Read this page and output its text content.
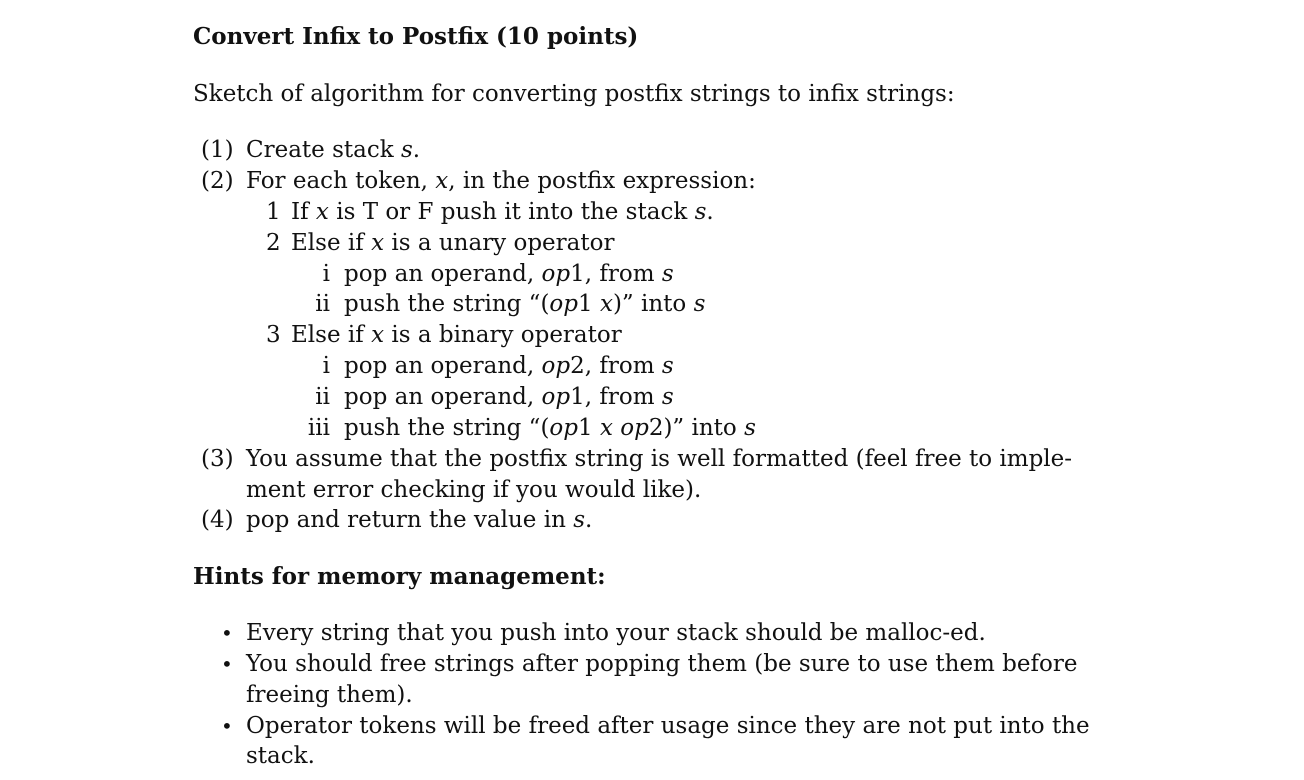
Convert Infix to Postfix (10 points)
Sketch of algorithm for converting postfix strings to infix strings:
(1) Create stack s.
(2) For each token, x, in the postfix expression:
1 If x is T or F push it into the stack s.
2 Else if x is a unary operator
i pop an operand, op1, from s
ii push the string “(op1 x)” into s
3 Else if x is a binary operator
i pop an operand, op2, from s
ii pop an operand, op1, from s
iii push the string “(op1 x op2)” into s
(3) You assume that the postfix string is well formatted (feel free to imple-
ment error checking if you would like).
(4) pop and return the value in s.
Hints for memory management:
• Every string that you push into your stack should be malloc-ed.
• You should free strings after popping them (be sure to use them before
freeing them).
• Operator tokens will be freed after usage since they are not put into the
stack.
